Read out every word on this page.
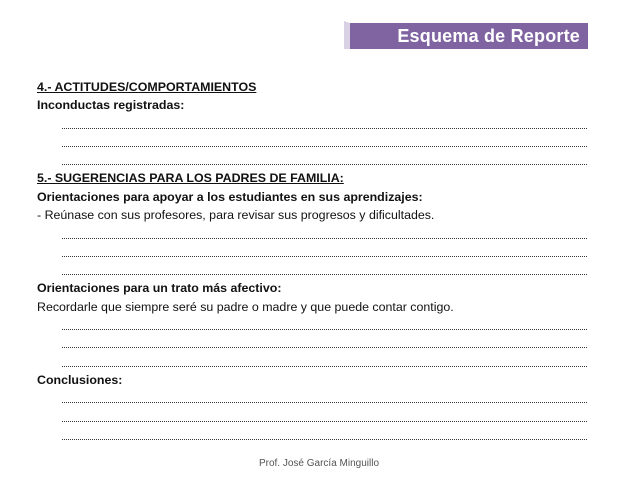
Esquema de Reporte
4.- ACTITUDES/COMPORTAMIENTOS
Inconductas registradas:
5.- SUGERENCIAS PARA LOS PADRES DE FAMILIA:
Orientaciones para apoyar a los estudiantes en sus aprendizajes:
- Reúnase con sus profesores, para revisar sus progresos y dificultades.
Orientaciones para un trato más afectivo:
Recordarle que siempre seré su padre o madre y que puede contar contigo.
Conclusiones:
Prof. José García Minguillo
